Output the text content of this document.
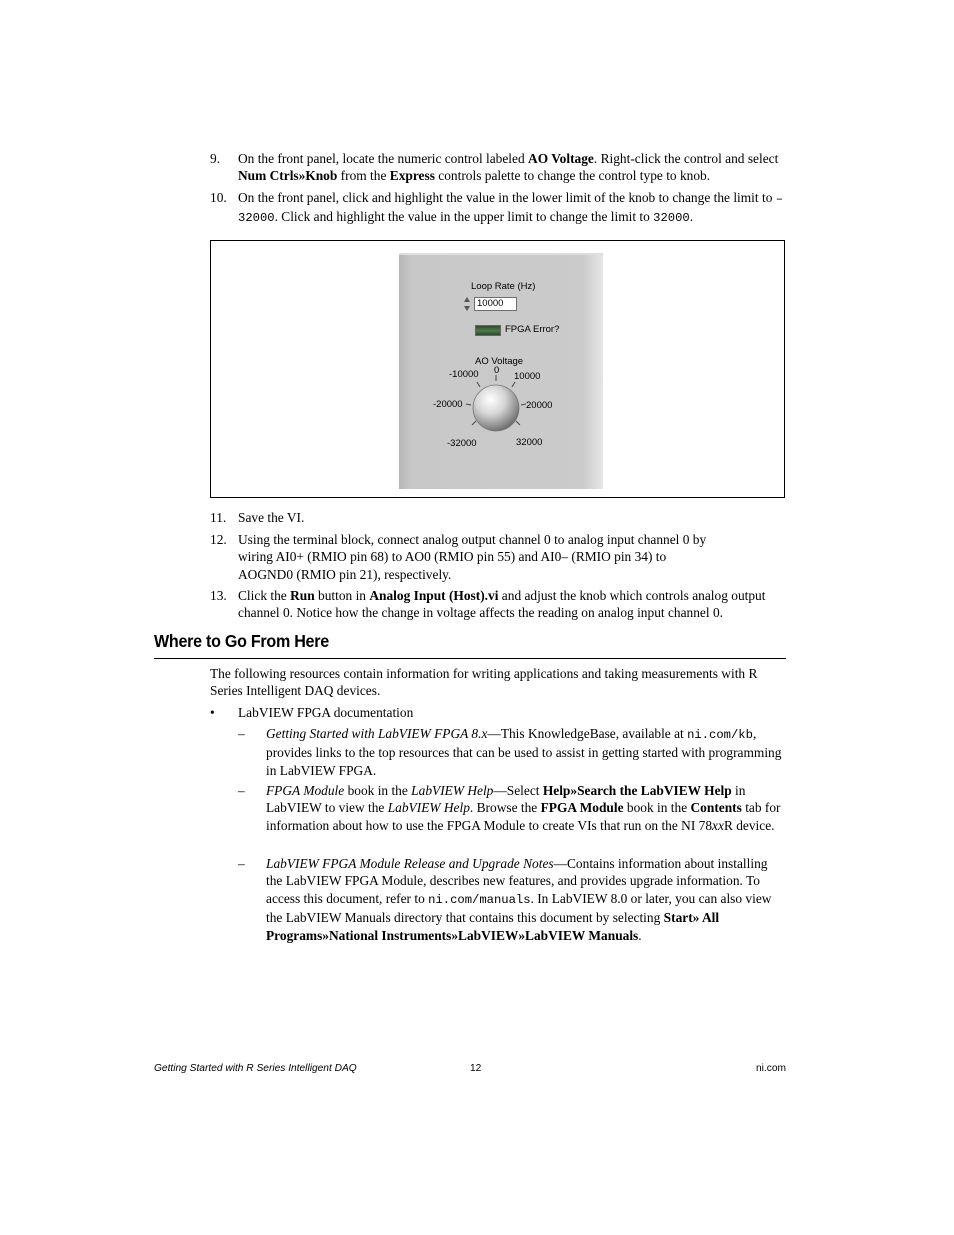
9. On the front panel, locate the numeric control labeled AO Voltage. Right-click the control and select Num Ctrls»Knob from the Express controls palette to change the control type to knob.
10. On the front panel, click and highlight the value in the lower limit of the knob to change the limit to –32000. Click and highlight the value in the upper limit to change the limit to 32000.
Loop Rate (Hz)
10000
FPGA Error?
AO Voltage
0
-10000	10000
-20000	20000
-32000	32000
11. Save the VI.
12. Using the terminal block, connect analog output channel 0 to analog input channel 0 by wiring AI0+ (RMIO pin 68) to AO0 (RMIO pin 55) and AI0– (RMIO pin 34) to AOGND0 (RMIO pin 21), respectively.
13. Click the Run button in Analog Input (Host).vi and adjust the knob which controls analog output channel 0. Notice how the change in voltage affects the reading on analog input channel 0.
Where to Go From Here
The following resources contain information for writing applications and taking measurements with R Series Intelligent DAQ devices.
• LabVIEW FPGA documentation
– Getting Started with LabVIEW FPGA 8.x—This KnowledgeBase, available at ni.com/kb, provides links to the top resources that can be used to assist in getting started with programming in LabVIEW FPGA.
– FPGA Module book in the LabVIEW Help—Select Help»Search the LabVIEW Help in LabVIEW to view the LabVIEW Help. Browse the FPGA Module book in the Contents tab for information about how to use the FPGA Module to create VIs that run on the NI 78xxR device.
– LabVIEW FPGA Module Release and Upgrade Notes—Contains information about installing the LabVIEW FPGA Module, describes new features, and provides upgrade information. To access this document, refer to ni.com/manuals. In LabVIEW 8.0 or later, you can also view the LabVIEW Manuals directory that contains this document by selecting Start» All Programs»National Instruments»LabVIEW»LabVIEW Manuals.
Getting Started with R Series Intelligent DAQ	12	ni.com
